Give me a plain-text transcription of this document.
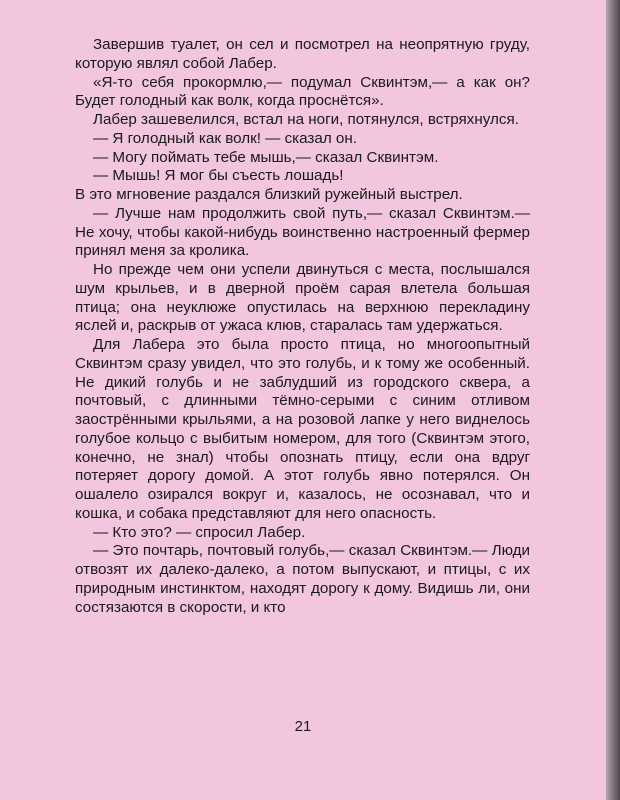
Завершив туалет, он сел и посмотрел на неопрятную груду, которую являл собой Лабер.

«Я-то себя прокормлю,— подумал Сквинтэм,— а как он? Будет голодный как волк, когда проснётся».

Лабер зашевелился, встал на ноги, потянулся, встряхнулся.

— Я голодный как волк! — сказал он.

— Могу поймать тебе мышь,— сказал Сквинтэм.

— Мышь! Я мог бы съесть лошадь!

В это мгновение раздался близкий ружейный выстрел.

— Лучше нам продолжить свой путь,— сказал Сквинтэм.— Не хочу, чтобы какой-нибудь воинственно настроенный фермер принял меня за кролика.

Но прежде чем они успели двинуться с места, послышался шум крыльев, и в дверной проём сарая влетела большая птица; она неуклюже опустилась на верхнюю перекладину яслей и, раскрыв от ужаса клюв, старалась там удержаться.

Для Лабера это была просто птица, но многоопытный Сквинтэм сразу увидел, что это голубь, и к тому же особенный. Не дикий голубь и не заблудший из городского сквера, а почтовый, с длинными тёмно-серыми с синим отливом заострёнными крыльями, а на розовой лапке у него виднелось голубое кольцо с выбитым номером, для того (Сквинтэм этого, конечно, не знал) чтобы опознать птицу, если она вдруг потеряет дорогу домой. А этот голубь явно потерялся. Он ошалело озирался вокруг и, казалось, не осознавал, что и кошка, и собака представляют для него опасность.

— Кто это? — спросил Лабер.

— Это почтарь, почтовый голубь,— сказал Сквинтэм.— Люди отвозят их далеко-далеко, а потом выпускают, и птицы, с их природным инстинктом, находят дорогу к дому. Видишь ли, они состязаются в скорости, и кто

21
